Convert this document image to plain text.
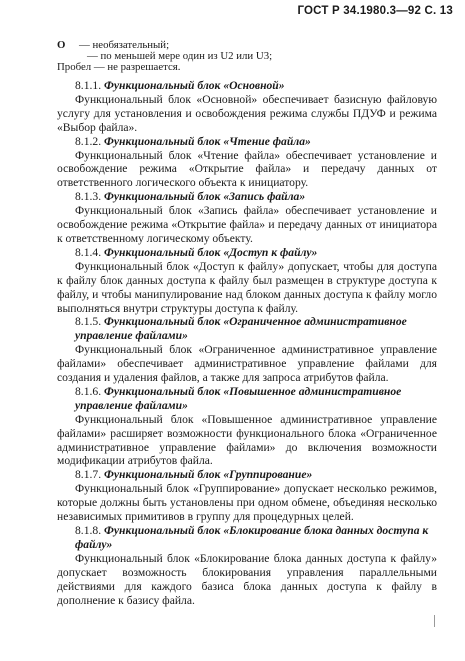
ГОСТ Р 34.1980.3—92 С. 13
О — необязательный;
— по меньшей мере один из U2 или U3;
Пробел — не разрешается.

8.1.1. Функциональный блок «Основной»

Функциональный блок «Основной» обеспечивает базисную файловую услугу для установления и освобождения режима службы ПДУФ и режима «Выбор файла».

8.1.2. Функциональный блок «Чтение файла»

Функциональный блок «Чтение файла» обеспечивает установление и освобождение режима «Открытие файла» и передачу данных от ответственного логического объекта к инициатору.

8.1.3. Функциональный блок «Запись файла»

Функциональный блок «Запись файла» обеспечивает установление и освобождение режима «Открытие файла» и передачу данных от инициатора к ответственному логическому объекту.

8.1.4. Функциональный блок «Доступ к файлу»

Функциональный блок «Доступ к файлу» допускает, чтобы для доступа к файлу блок данных доступа к файлу был размещен в структуре доступа к файлу, и чтобы манипулирование над блоком данных доступа к файлу могло выполняться внутри структуры доступа к файлу.

8.1.5. Функциональный блок «Ограниченное административное управление файлами»

Функциональный блок «Ограниченное административное управление файлами» обеспечивает административное управление файлами для создания и удаления файлов, а также для запроса атрибутов файла.

8.1.6. Функциональный блок «Повышенное административное управление файлами»

Функциональный блок «Повышенное административное управление файлами» расширяет возможности функционального блока «Ограниченное административное управление файлами» до включения возможности модификации атрибутов файла.

8.1.7. Функциональный блок «Группирование»

Функциональный блок «Группирование» допускает несколько режимов, которые должны быть установлены при одном обмене, объединяя несколько независимых примитивов в группу для процедурных целей.

8.1.8. Функциональный блок «Блокирование блока данных доступа к файлу»

Функциональный блок «Блокирование блока данных доступа к файлу» допускает возможность блокирования управления параллельными действиями для каждого базиса блока данных доступа к файлу в дополнение к базису файла.
